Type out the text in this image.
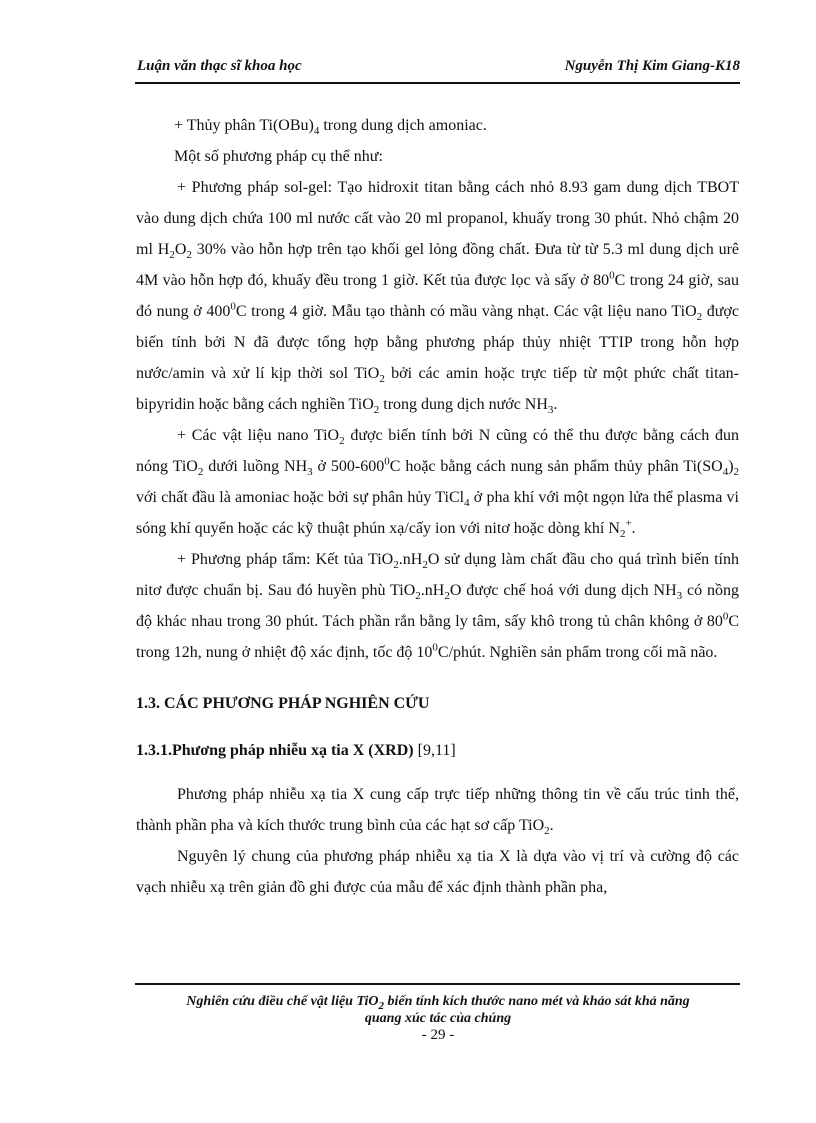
Luận văn thạc sĩ khoa học	Nguyễn Thị Kim Giang-K18

+ Thủy phân $Ti(OBu)_4$ trong dung dịch amoniac.

Một số phương pháp cụ thể như:

+ Phương pháp sol-gel: Tạo hidroxit titan bằng cách nhỏ 8.93 gam dung dịch TBOT vào dung dịch chứa 100 ml nước cất vào 20 ml propanol, khuấy trong 30 phút. Nhỏ chậm 20 ml $H_2O_2$ 30% vào hỗn hợp trên tạo khối gel lỏng đồng chất. Đưa từ từ 5.3 ml dung dịch urê 4M vào hỗn hợp đó, khuấy đều trong 1 giờ. Kết tủa được lọc và sấy ở $80^0C$ trong 24 giờ, sau đó nung ở $400^0C$ trong 4 giờ. Mẫu tạo thành có mầu vàng nhạt. Các vật liệu nano TiO$_2$ được biến tính bởi N đã được tổng hợp bằng phương pháp thủy nhiệt TTIP trong hỗn hợp nước/amin và xử lí kịp thời sol TiO$_2$ bởi các amin hoặc trực tiếp từ một phức chất titan-bipyridin hoặc bằng cách nghiền TiO$_2$ trong dung dịch nước $NH_3$.

+ Các vật liệu nano TiO$_2$ được biến tính bởi N cũng có thể thu được bằng cách đun nóng TiO$_2$ dưới luồng $NH_3$ ở $500-600^0C$ hoặc bằng cách nung sản phẩm thủy phân $Ti(SO_4)_2$ với chất đầu là amoniac hoặc bởi sự phân hủy TiCl$_4$ ở pha khí với một ngọn lửa thể plasma vi sóng khí quyển hoặc các kỹ thuật phún xạ/cấy ion với nitơ hoặc dòng khí $N_2^+$.

+ Phương pháp tẩm: Kết tủa $TiO_2.nH_2O$ sử dụng làm chất đầu cho quá trình biến tính nitơ được chuẩn bị. Sau đó huyền phù $TiO_2.nH_2O$ được chế hoá với dung dịch $NH_3$ có nồng độ khác nhau trong 30 phút. Tách phần rắn bằng ly tâm, sấy khô trong tủ chân không ở $80^0C$ trong 12h, nung ở nhiệt độ xác định, tốc độ $10^0C$/phút. Nghiền sản phẩm trong cối mã não.

1.3. CÁC PHƯƠNG PHÁP NGHIÊN CỨU

1.3.1.Phương pháp nhiễu xạ tia X (XRD) [9,11]

Phương pháp nhiễu xạ tia X cung cấp trực tiếp những thông tin về cấu trúc tinh thể, thành phần pha và kích thước trung bình của các hạt sơ cấp TiO$_2$.

Nguyên lý chung của phương pháp nhiễu xạ tia X là dựa vào vị trí và cường độ các vạch nhiễu xạ trên giản đồ ghi được của mẫu để xác định thành phần pha,

Nghiên cứu điều chế vật liệu TiO$_2$ biến tính kích thước nano mét và khảo sát khả năng
quang xúc tác của chúng
- 29 -
